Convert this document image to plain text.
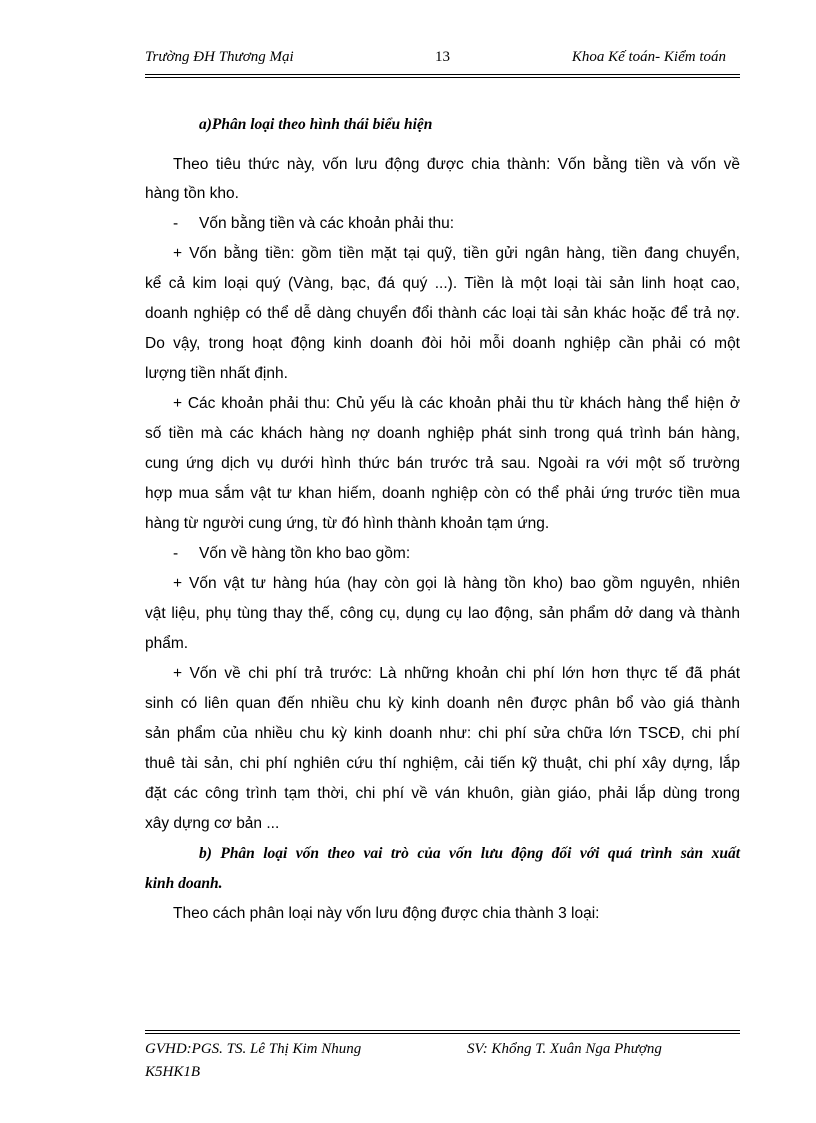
Trường ĐH Thương Mại	13	Khoa Kế toán- Kiểm toán
a)Phân loại theo hình thái biểu hiện
Theo tiêu thức này, vốn lưu động được chia thành: Vốn bằng tiền và vốn về
hàng tồn kho.
- Vốn bằng tiền và các khoản phải thu:
+ Vốn bằng tiền: gồm tiền mặt tại quỹ, tiền gửi ngân hàng, tiền đang chuyển,
kể cả kim loại quý (Vàng, bạc, đá quý ...). Tiền là một loại tài sản linh hoạt cao,
doanh nghiệp có thể dễ dàng chuyển đổi thành các loại tài sản khác hoặc để trả nợ.
Do vậy, trong hoạt động kinh doanh đòi hỏi mỗi doanh nghiệp cần phải có một
lượng tiền nhất định.
+ Các khoản phải thu: Chủ yếu là các khoản phải thu từ khách hàng thể hiện ở
số tiền mà các khách hàng nợ doanh nghiệp phát sinh trong quá trình bán hàng,
cung ứng dịch vụ dưới hình thức bán trước trả sau. Ngoài ra với một số trường
hợp mua sắm vật tư khan hiếm, doanh nghiệp còn có thể phải ứng trước tiền mua
hàng từ người cung ứng, từ đó hình thành khoản tạm ứng.
- Vốn về hàng tồn kho bao gồm:
+ Vốn vật tư hàng húa (hay còn gọi là hàng tồn kho) bao gồm nguyên, nhiên
vật liệu, phụ tùng thay thế, công cụ, dụng cụ lao động, sản phẩm dở dang và thành
phẩm.
+ Vốn về chi phí trả trước: Là những khoản chi phí lớn hơn thực tế đã phát
sinh có liên quan đến nhiều chu kỳ kinh doanh nên được phân bổ vào giá thành
sản phẩm của nhiều chu kỳ kinh doanh như: chi phí sửa chữa lớn TSCĐ, chi phí
thuê tài sản, chi phí nghiên cứu thí nghiệm, cải tiến kỹ thuật, chi phí xây dựng, lắp
đặt các công trình tạm thời, chi phí về ván khuôn, giàn giáo, phải lắp dùng trong
xây dựng cơ bản ...
b) Phân loại vốn theo vai trò của vốn lưu động đối với quá trình sản xuất
kinh doanh.
Theo cách phân loại này vốn lưu động được chia thành 3 loại:
GVHD:PGS. TS. Lê Thị Kim Nhung	SV: Khổng T. Xuân Nga Phượng
K5HK1B
